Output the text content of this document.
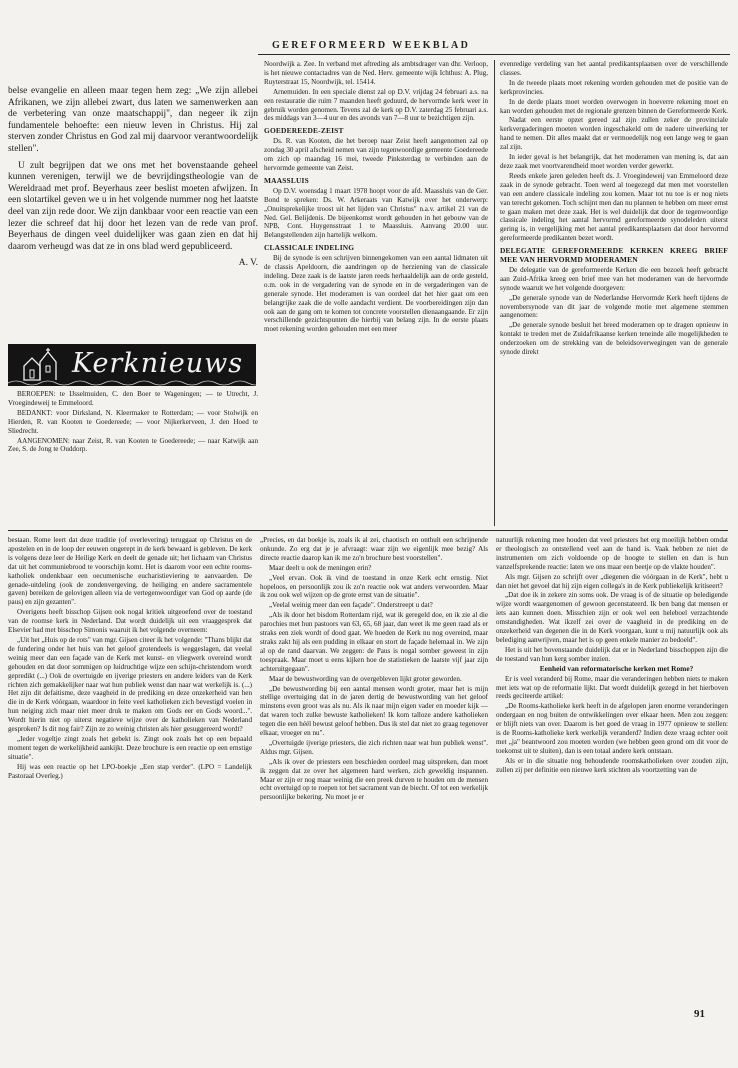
GEREFORMEERD WEEKBLAD

belse evangelie en alleen maar tegen hem zeg: „We zijn allebei Afrikanen, we zijn allebei zwart, dus laten we samenwerken aan de verbetering van onze maatschappij", dan negeer ik zijn fundamentele behoefte: een nieuw leven in Christus. Hij zal sterven zonder Christus en God zal mij daarvoor verantwoordelijk stellen".

U zult begrijpen dat we ons met het bovenstaande geheel kunnen verenigen, terwijl we de bevrijdingstheologie van de Wereldraad met prof. Beyerhaus zeer beslist moeten afwijzen. In een slotartikel geven we u in het volgende nummer nog het laatste deel van zijn rede door. We zijn dankbaar voor een reactie van een lezer die schreef dat hij door het lezen van de rede van prof. Beyerhaus de dingen veel duidelijker was gaan zien en dat hij daarom verheugd was dat ze in ons blad werd gepubliceerd.

A. V.
Kerknieuws

BEROEPEN: te IJsselmuiden, C. den Boer te Wageningen; — te Utrecht, J. Vroegindeweij te Emmeloord.

BEDANKT: voor Dirksland, N. Kleermaker te Rotterdam; — voor Stolwijk en Hierden, R. van Kooten te Goedereede; — voor Nijkerkerveen, J. den Hoed te Sliedrecht.

AANGENOMEN: naar Zeist, R. van Kooten te Goedereede; — naar Katwijk aan Zee, S. de Jong te Ouddorp.

Noordwijk a. Zee. In verband met aftreding als ambtsdrager van dhr. Verloop, is het nieuwe contactadres van de Ned. Herv. gemeente wijk Ichthus: A. Plug, Ruyterstraat 15, Noordwijk, tel. 15414.

Arnemuiden. In een speciale dienst zal op D.V. vrijdag 24 februari a.s. na een restauratie die ruim 7 maanden heeft geduurd, de hervormde kerk weer in gebruik worden genomen. Tevens zal de kerk op D.V. zaterdag 25 februari a.s. des middags van 3—4 uur en des avonds van 7—8 uur te bezichtigen zijn.

GOEDEREEDE-ZEIST

Ds. R. van Kooten, die het beroep naar Zeist heeft aangenomen zal op zondag 30 april afscheid nemen van zijn tegenwoordige gemeente Goedereede om zich op maandag 16 mei, tweede Pinksterdag te verbinden aan de hervormde gemeente van Zeist.

MAASSLUIS

Op D.V. woensdag 1 maart 1978 hoopt voor de afd. Maassluis van de Ger. Bond te spreken: Ds. W. Arkeraats van Katwijk over het onderwerp: „Onuitsprekelijke troost uit het lijden van Christus" n.a.v. artikel 21 van de Ned. Gel. Belijdenis. De bijeenkomst wordt gehouden in het gebouw van de NPB, Cont. Huygensstraat 1 te Maassluis. Aanvang 20.00 uur. Belangstellenden zijn hartelijk welkom.

CLASSICALE INDELING

Bij de synode is een schrijven binnengekomen van een aantal lidmaten uit de classis Apeldoorn, die aandringen op de herziening van de classicale indeling. Deze zaak is de laatste jaren reeds herhaaldelijk aan de orde gesteld, o.m. ook in de vergadering van de synode en in de vergaderingen van de generale synode. Het moderamen is van oordeel dat het hier gaat om een belangrijke zaak die de volle aandacht verdient. De voorbereidingen zijn dan ook aan de gang om te komen tot concrete voorstellen dienaangaande. Er zijn verschillende gezichtspunten die hierbij van belang zijn. In de eerste plaats moet rekening worden gehouden met een meer

evenredige verdeling van het aantal predikantsplaatsen over de verschillende classes.

In de tweede plaats moet rekening worden gehouden met de positie van de kerkprovincies.

In de derde plaats moet worden overwogen in hoeverre rekening moet en kan worden gehouden met de regionale grenzen binnen de Gereformeerde Kerk.

Nadat een eerste opzet gereed zal zijn zullen zeker de provinciale kerkvergaderingen moeten worden ingeschakeld om de nadere uitwerking ter hand te nemen. Dit alles maakt dat er vermoedelijk nog een lange weg te gaan zal zijn.

In ieder geval is het belangrijk, dat het moderamen van mening is, dat aan deze zaak met voortvarendheid moet worden verder gewerkt.

Reeds enkele jaren geleden heeft ds. J. Vroegindeweij van Emmeloord deze zaak in de synode gebracht. Toen werd al toegezegd dat men met voorstellen van een andere classicale indeling zou komen. Maar tot nu toe is er nog niets van terecht gekomen. Toch schijnt men dan nu plannen te hebben om meer ernst te gaan maken met deze zaak. Het is wel duidelijk dat door de tegenwoordige classicale indeling het aantal hervormd gereformeerde synodeleden uiterst gering is, in vergelijking met het aantal predikantsplaatsen dat door hervormd gereformeerde predikanten bezet wordt.

DELEGATIE GEREFORMEERDE KERKEN KREEG BRIEF MEE VAN HERVORMD MODERAMEN

De delegatie van de gereformeerde Kerken die een bezoek heeft gebracht aan Zuid-Afrika kreeg een brief mee van het moderamen van de hervormde synode waaruit we het volgende doorgeven:

„De generale synode van de Nederlandse Hervormde Kerk heeft tijdens de novembersynode van dit jaar de volgende motie met algemene stemmen aangenomen:

„De generale synode besluit het breed moderamen op te dragen opnieuw in kontakt te treden met de Zuidafrikaanse kerken teneinde alle mogelijkheden te onderzoeken om de strekking van de beleidsoverwegingen van de generale synode direkt

bestaan. Rome leert dat deze traditie (of overlevering) teruggaat op Christus en de apostelen en in de loop der eeuwen ongerept in de kerk bewaard is gebleven. De kerk is volgens deze leer de Heilige Kerk en deelt de genade uit; het lichaam van Christus dat uit het communiebrood te voorschijn komt. Het is daarom voor een echte rooms-katholiek ondenkbaar een oecumenische eucharistieviering te aanvaarden. De genade-uitdeling (ook de zondenvergeving, de heiliging en andere sacramentele gaven) bereiken de gelovigen alleen via de vertegenwoordiger van God op aarde (de paus) en zijn gezanten".

Overigens heeft bisschop Gijsen ook nogal kritiek uitgeoefend over de toestand van de roomse kerk in Nederland. Dat wordt duidelijk uit een vraaggesprek dat Elsevier had met bisschop Simonis waaruit ik het volgende overneem:

„Uit het „Huis op de rots" van mgr. Gijsen citeer ik het volgende: "Thans blijkt dat de fundering onder het huis van het geloof grotendeels is weggeslagen, dat veelal weinig meer dan een façade van de Kerk met kunst- en vliegwerk overeind wordt gehouden en dat door sommigen op luidruchtige wijze een schijn-christendom wordt gepredikt (...) Ook de overtuigde en ijverige priesters en andere leiders van de Kerk richten zich gemakkelijker naar wat hun publiek wenst dan naar wat werkelijk is. (...) Het zijn dit defaitisme, deze vaagheid in de prediking en deze onzekerheid van hen die in de Kerk vóórgaan, waardoor in feite veel katholieken zich bevestigd voelen in hun neiging zich maar niet meer druk te maken om Gods eer en Gods woord...". Wordt hierin niet op uiterst negatieve wijze over de katholieken van Nederland gesproken? Is dit nog fair? Zijn ze zo weinig christen als hier gesuggereerd wordt?

„Ieder vogeltje zingt zoals het gebekt is. Zingt ook zoals het op een bepaald moment tegen de werkelijkheid aankijkt. Deze brochure is een reactie op een ernstige situatie".

Hij was een reactie op het LPO-boekje „Een stap verder". (LPO = Landelijk Pastoraal Overleg.)

„Precies, en dat boekje is, zoals ik al zei, chaotisch en onthult een schrijnende onkunde. Zo erg dat je je afvraagt: waar zijn we eigenlijk mee bezig? Als directe reactie daarop kan ik me zo'n brochure best voorstellen".

Maar deelt u ook de meningen erin?

„Veel ervan. Ook ik vind de toestand in onze Kerk echt ernstig. Niet hopeloos, en persoonlijk zou ik zo'n reactie ook wat anders verwoorden. Maar ik zou ook wel wijzen op de grote ernst van de situatie".

„Veelal weinig meer dan een façade". Onderstreept u dat?

„Als ik door het bisdom Rotterdam rijd, wat ik geregeld doe, en ik zie al die parochies met hun pastoors van 63, 65, 68 jaar, dan weet ik me geen raad als er straks een ziek wordt of dood gaat. We hoeden de Kerk nu nog overeind, maar straks zakt hij als een pudding in elkaar en stort de façade helemaal in. We zijn al op de rand daarvan. We zeggen: de Paus is nogal somber geweest in zijn toespraak. Maar moet u eens kijken hoe de statistieken de laatste vijf jaar zijn achteruitgegaan".

Maar de bewustwording van de overgebleven lijkt groter geworden.

„De bewustwording bij een aantal mensen wordt groter, maar het is mijn stellige overtuiging dat in de jaren dertig de bewustwording van het geloof minstens even groot was als nu. Als ik naar mijn eigen vader en moeder kijk — dat waren toch zulke bewuste katholieken! Ik kom talloze andere katholieken tegen die een héél bewust geloof hebben. Dus ik stel dat niet zo graag tegenover elkaar, vroeger en nu".

„Overtuigde ijverige priesters, die zich richten naar wat hun publiek wenst". Aldus mgr. Gijsen.

„Als ik over de priesters een beschieden oordeel mag uitspreken, dan moet ik zeggen dat ze over het algemeen hard werken, zich geweldig inspannen. Maar er zijn er nog maar weinig die een preek durven te houden om de mensen echt overtuigd op te roepen tot het sacrament van de biecht. Of tot een werkelijk persoonlijke bekering. Nu moet je er

natuurlijk rekening mee houden dat veel priesters het erg moeilijk hebben omdat er theologisch zo ontstellend veel aan de hand is. Vaak hebben ze niet de instrumenten om zich voldoende op de hoogte te stellen en dan is hun vanzelfsprekende reactie: laten we ons maar een beetje op de vlakte houden".

Als mgr. Gijsen zo schrijft over „diegenen die vóórgaan in de Kerk", hebt u dan niet het gevoel dat hij zijn eigen collega's in de Kerk publiekelijk kritiseert?

„Dat doe ik in zekere zin soms ook. De vraag is of de situatie op beledigende wijze wordt waargenomen of gewoon gecenstateerd. Ik ben bang dat mensen er iets aan kunnen doen. Misschien zijn er ook wel een heleboel verzachtende omstandigheden. Wat ikzelf zei over de vaagheid in de prediking en de onzekerheid van degenen die in de Kerk voorgaan, kunt u mij natuurlijk ook als belediging aanwrijven, maar het is op geen enkele manier zo bedoeld".

Het is uit het bovenstaande duidelijk dat er in Nederland bisschoppen zijn die de toestand van hun kerg somber inzien.

Eenheid van reformatorische kerken met Rome?

Er is veel veranderd bij Rome, maar die veranderingen hebben niets te maken met iets wat op de reformatie lijkt. Dat wordt duidelijk gezegd in het hierboven reeds geciteerde artikel:

„De Rooms-katholieke kerk heeft in de afgelopen jaren enorme veranderingen ondergaan en nog buiten de ontwikkelingen over elkaar heen. Men zou zeggen: er blijft niets van over. Daarom is het goed de vraag in 1977 opnieuw te stellen: is de Rooms-katholieke kerk werkelijk veranderd? Indien deze vraag echter ooit met „ja" beantwoord zou moeten worden (we hebben geen grond om dit voor de toekomst uit te sluiten), dan is een totaal andere kerk ontstaan.

Als er in die situatie nog behoudende roomskatholieken over zouden zijn, zullen zij per definitie een nieuwe kerk stichten als voortzetting van de

91
